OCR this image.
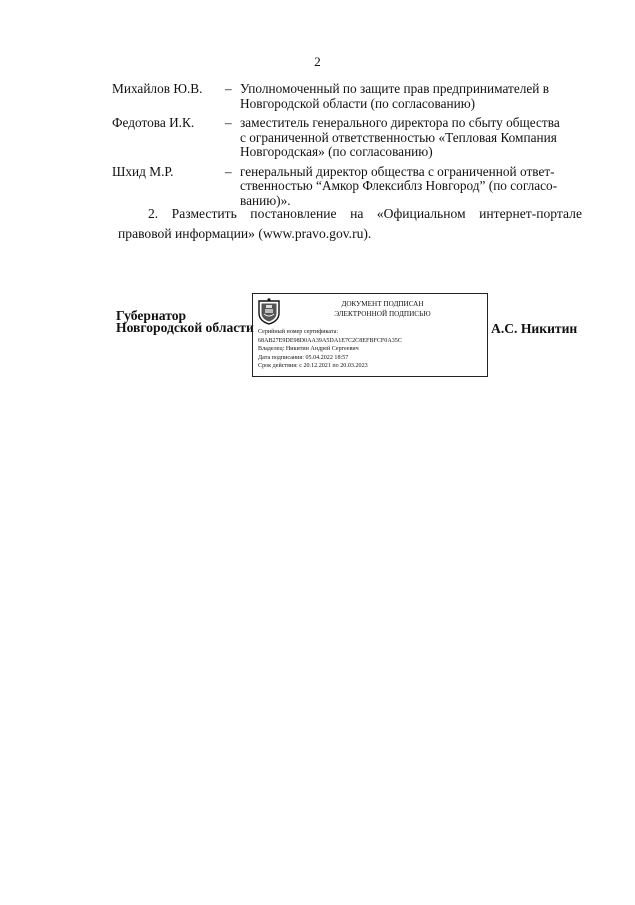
2
Михайлов Ю.В.	– Уполномоченный по защите прав предпринимателей в
Новгородской области (по согласованию)
Федотова И.К.	– заместитель генерального директора по сбыту общества
с ограниченной ответственностью «Тепловая Компания
Новгородская» (по согласованию)
Шхид М.Р.	– генеральный директор общества с ограниченной ответ-
ственностью “Амкор Флексиблз Новгород” (по согласо-
ванию)».
2. Разместить постановление на «Официальном интернет-портале
правовой информации» (www.pravo.gov.ru).
Губернатор
Новгородской области
ДОКУМЕНТ ПОДПИСАН
ЭЛЕКТРОННОЙ ПОДПИСЬЮ
Серийный номер сертификата:
68AB27E9DE98D0AA39A5DA1E7C2C8EFBFCF0A35C
Владелец: Никитин Андрей Сергеевич
Дата подписания: 05.04.2022 18:57
Срок действия: с 20.12.2021 по 20.03.2023
А.С. Никитин
